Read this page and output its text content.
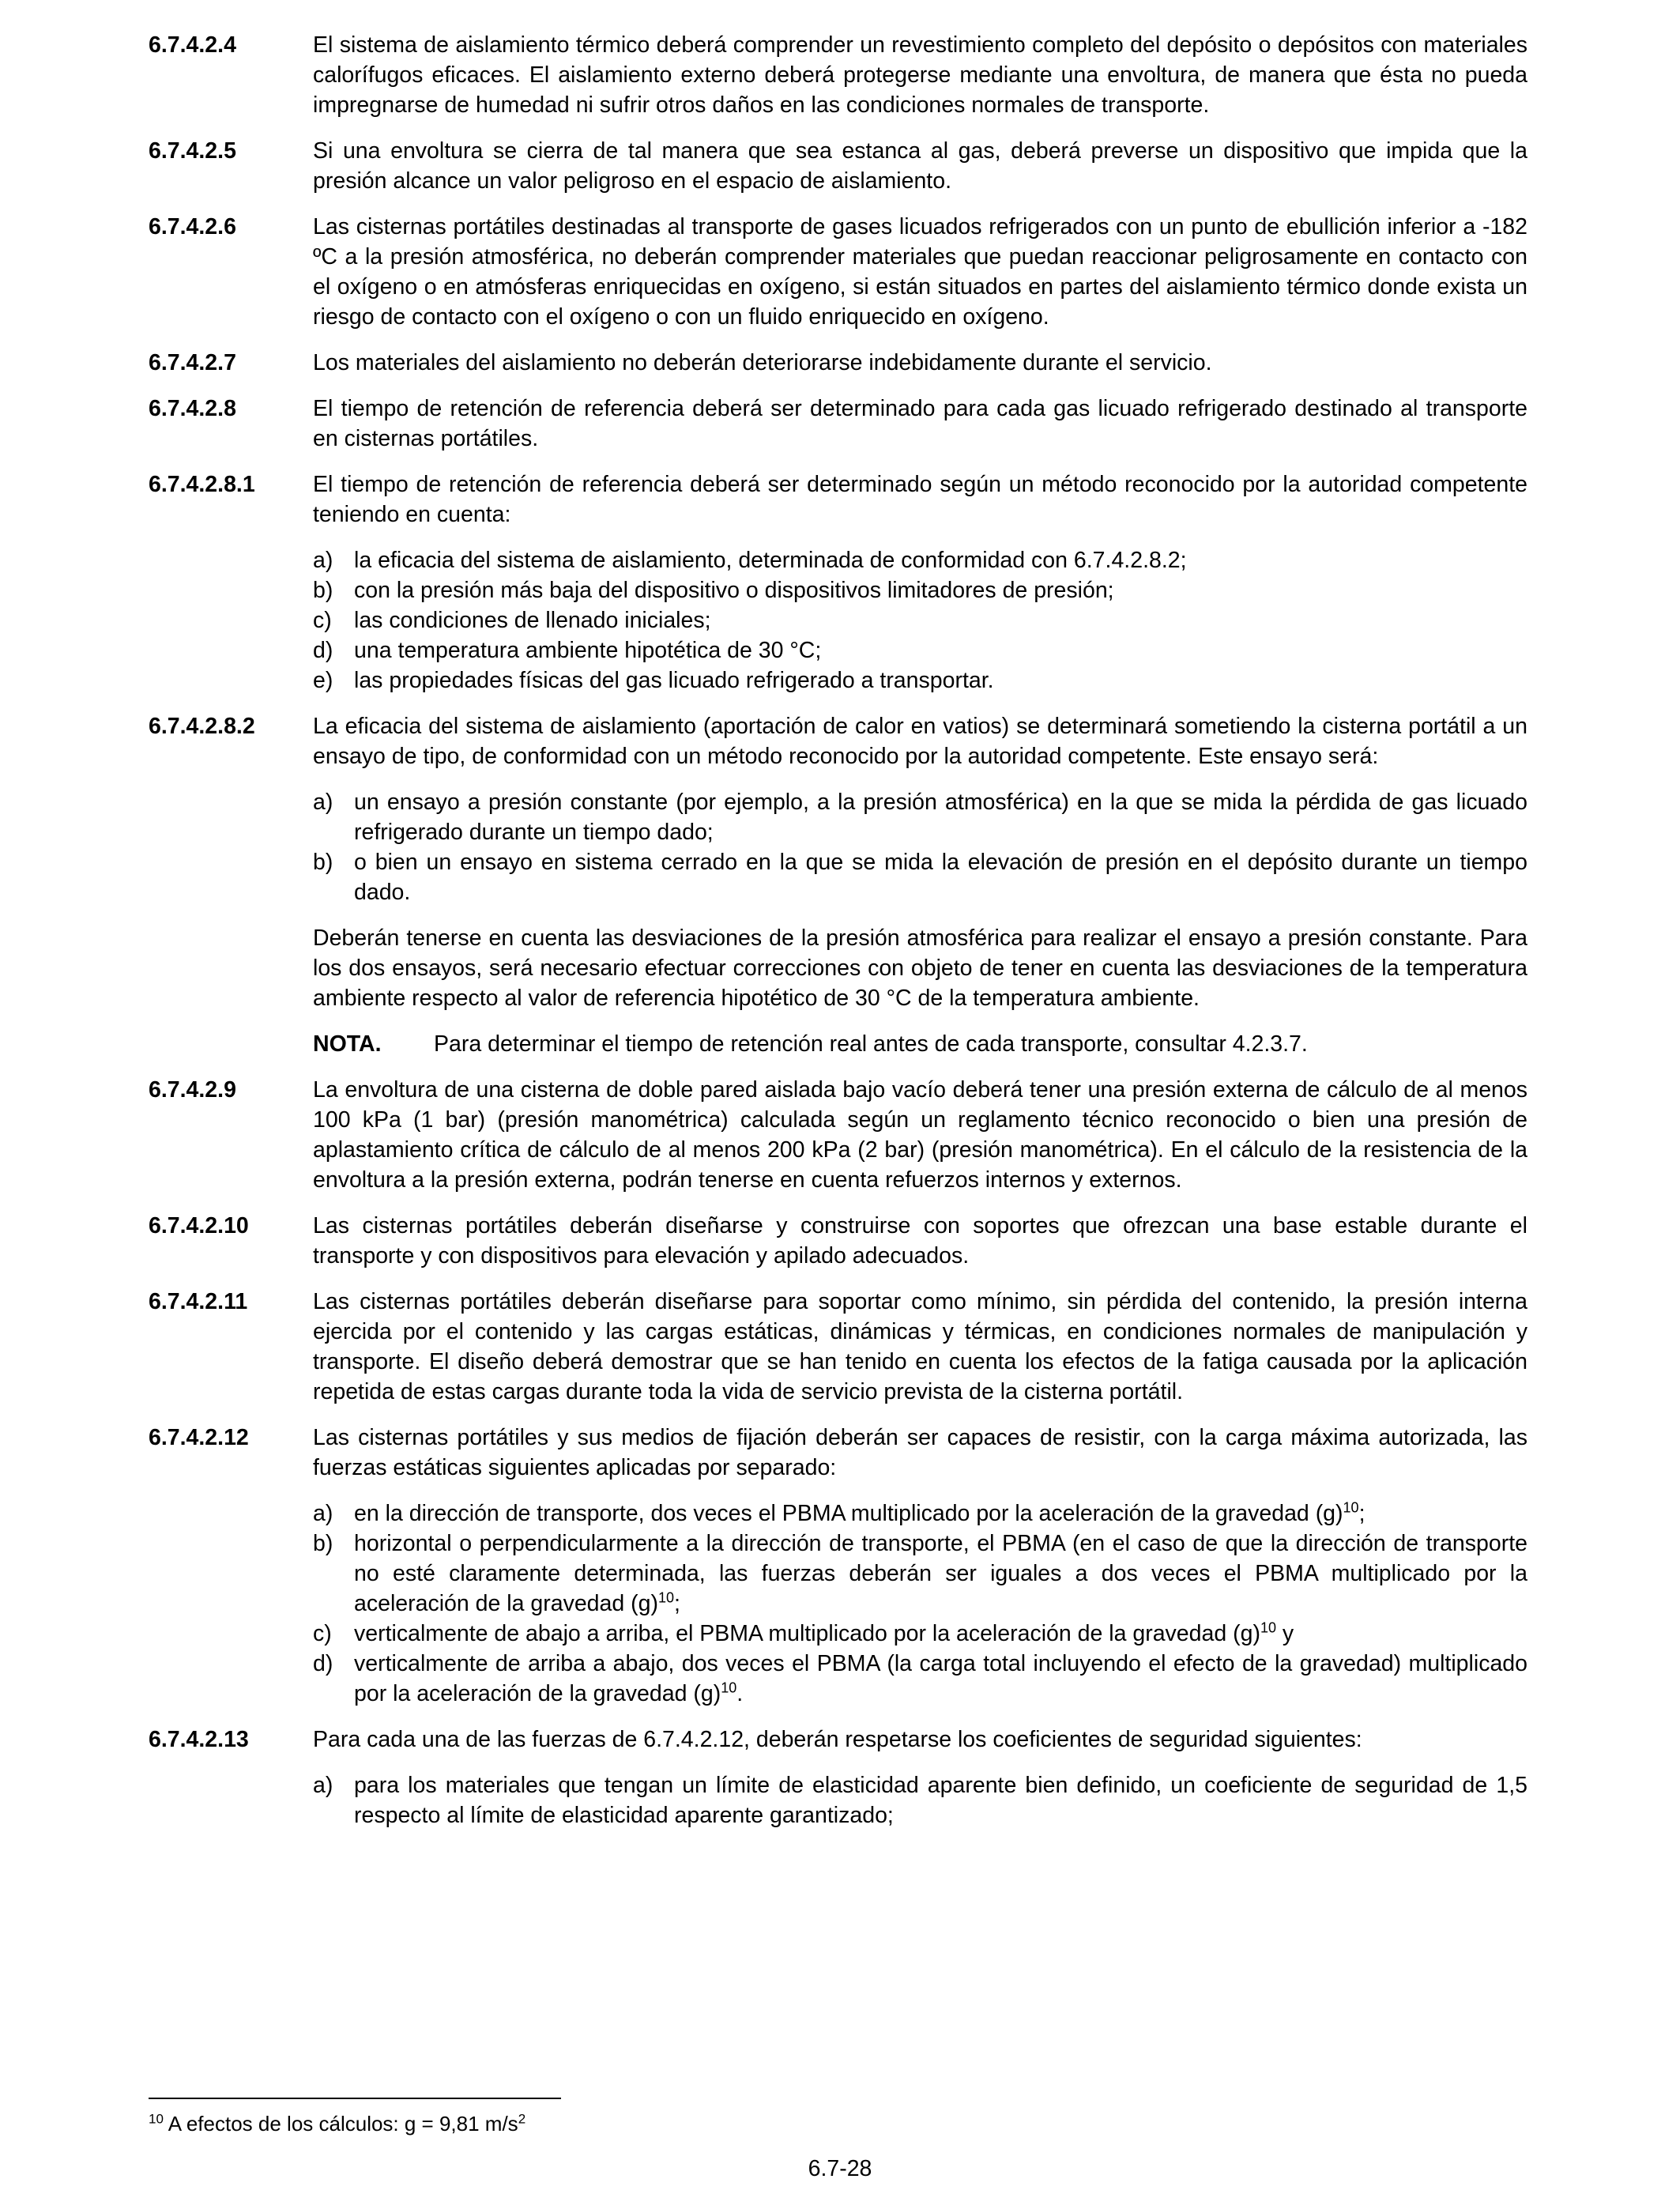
6.7.4.2.4	El sistema de aislamiento térmico deberá comprender un revestimiento completo del depósito o depósitos con materiales calorífugos eficaces. El aislamiento externo deberá protegerse mediante una envoltura, de manera que ésta no pueda impregnarse de humedad ni sufrir otros daños en las condiciones normales de transporte.

6.7.4.2.5	Si una envoltura se cierra de tal manera que sea estanca al gas, deberá preverse un dispositivo que impida que la presión alcance un valor peligroso en el espacio de aislamiento.

6.7.4.2.6	Las cisternas portátiles destinadas al transporte de gases licuados refrigerados con un punto de ebullición inferior a -182 ºC a la presión atmosférica, no deberán comprender materiales que puedan reaccionar peligrosamente en contacto con el oxígeno o en atmósferas enriquecidas en oxígeno, si están situados en partes del aislamiento térmico donde exista un riesgo de contacto con el oxígeno o con un fluido enriquecido en oxígeno.

6.7.4.2.7	Los materiales del aislamiento no deberán deteriorarse indebidamente durante el servicio.

6.7.4.2.8	El tiempo de retención de referencia deberá ser determinado para cada gas licuado refrigerado destinado al transporte en cisternas portátiles.

6.7.4.2.8.1	El tiempo de retención de referencia deberá ser determinado según un método reconocido por la autoridad competente teniendo en cuenta:

a) la eficacia del sistema de aislamiento, determinada de conformidad con 6.7.4.2.8.2;
b) con la presión más baja del dispositivo o dispositivos limitadores de presión;
c) las condiciones de llenado iniciales;
d) una temperatura ambiente hipotética de 30 °C;
e) las propiedades físicas del gas licuado refrigerado a transportar.
6.7.4.2.8.2	La eficacia del sistema de aislamiento (aportación de calor en vatios) se determinará sometiendo la cisterna portátil a un ensayo de tipo, de conformidad con un método reconocido por la autoridad competente. Este ensayo será:

a) un ensayo a presión constante (por ejemplo, a la presión atmosférica) en la que se mida la pérdida de gas licuado refrigerado durante un tiempo dado;
b) o bien un ensayo en sistema cerrado en la que se mida la elevación de presión en el depósito durante un tiempo dado.

Deberán tenerse en cuenta las desviaciones de la presión atmosférica para realizar el ensayo a presión constante. Para los dos ensayos, será necesario efectuar correcciones con objeto de tener en cuenta las desviaciones de la temperatura ambiente respecto al valor de referencia hipotético de 30 °C de la temperatura ambiente.

NOTA.	Para determinar el tiempo de retención real antes de cada transporte, consultar 4.2.3.7.
6.7.4.2.9	La envoltura de una cisterna de doble pared aislada bajo vacío deberá tener una presión externa de cálculo de al menos 100 kPa (1 bar) (presión manométrica) calculada según un reglamento técnico reconocido o bien una presión de aplastamiento crítica de cálculo de al menos 200 kPa (2 bar) (presión manométrica). En el cálculo de la resistencia de la envoltura a la presión externa, podrán tenerse en cuenta refuerzos internos y externos.

6.7.4.2.10	Las cisternas portátiles deberán diseñarse y construirse con soportes que ofrezcan una base estable durante el transporte y con dispositivos para elevación y apilado adecuados.

6.7.4.2.11	Las cisternas portátiles deberán diseñarse para soportar como mínimo, sin pérdida del contenido, la presión interna ejercida por el contenido y las cargas estáticas, dinámicas y térmicas, en condiciones normales de manipulación y transporte. El diseño deberá demostrar que se han tenido en cuenta los efectos de la fatiga causada por la aplicación repetida de estas cargas durante toda la vida de servicio prevista de la cisterna portátil.

6.7.4.2.12	Las cisternas portátiles y sus medios de fijación deberán ser capaces de resistir, con la carga máxima autorizada, las fuerzas estáticas siguientes aplicadas por separado:

a) en la dirección de transporte, dos veces el PBMA multiplicado por la aceleración de la gravedad $(g)^{10}$;
b) horizontal o perpendicularmente a la dirección de transporte, el PBMA (en el caso de que la dirección de transporte no esté claramente determinada, las fuerzas deberán ser iguales a dos veces el PBMA multiplicado por la aceleración de la gravedad $(g)^{10}$;
c) verticalmente de abajo a arriba, el PBMA multiplicado por la aceleración de la gravedad $(g)^{10}$ y
d) verticalmente de arriba a abajo, dos veces el PBMA (la carga total incluyendo el efecto de la gravedad) multiplicado por la aceleración de la gravedad $(g)^{10}$.
6.7.4.2.13	Para cada una de las fuerzas de 6.7.4.2.12, deberán respetarse los coeficientes de seguridad siguientes:

a) para los materiales que tengan un límite de elasticidad aparente bien definido, un coeficiente de seguridad de 1,5 respecto al límite de elasticidad aparente garantizado;
$^{10}$ A efectos de los cálculos: g = 9,81 $m/s^2$
6.7-28
